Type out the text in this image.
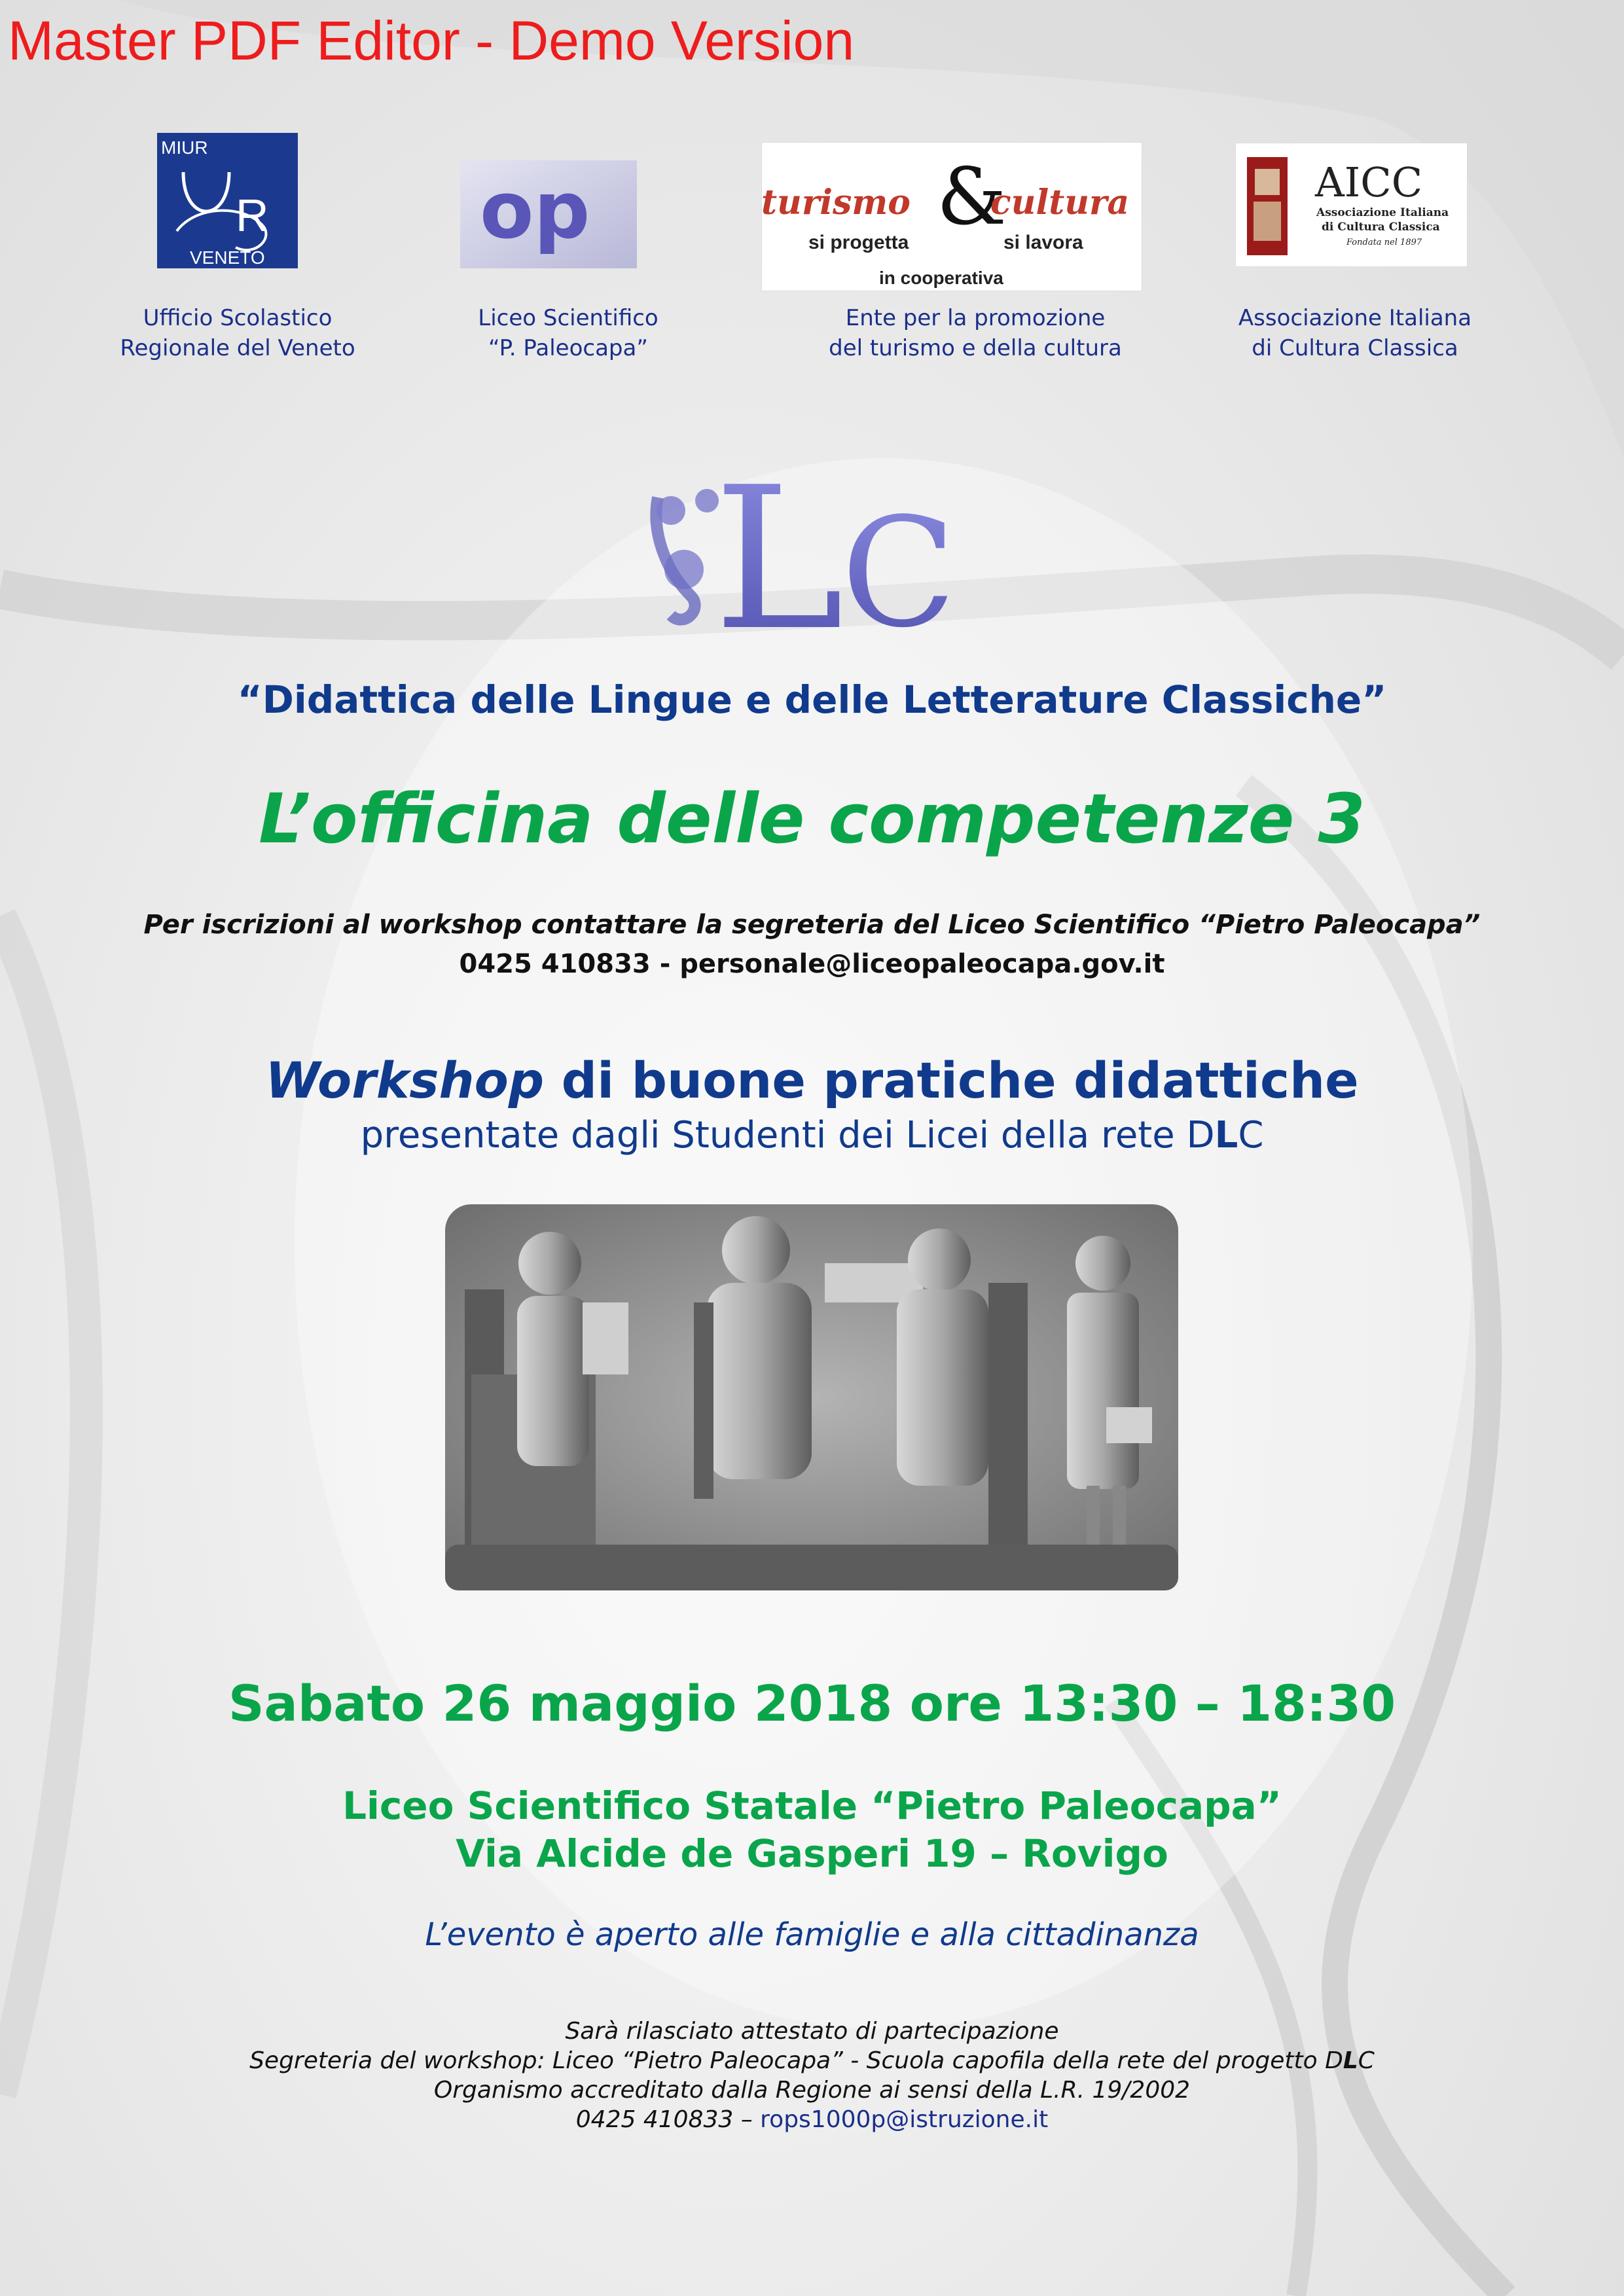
Master PDF Editor - Demo Version

MIUR
R
VENETO
op	turismo &
cultura
si progetta	si lavora
in cooperativa
AICC
Associazione Italiana
di Cultura Classica
Fondata nel 1897
Ufficio Scolastico
Regionale del Veneto
Liceo Scientifico
“P. Paleocapa”
Ente per la promozione
del turismo e della cultura
Associazione Italiana
di Cultura Classica
L
C

“Didattica delle Lingue e delle Letterature Classiche”

L’officina delle competenze 3

Per iscrizioni al workshop contattare la segreteria del Liceo Scientifico “Pietro Paleocapa”

0425 410833 - personale@liceopaleocapa.gov.it

Workshop di buone pratiche didattiche

presentate dagli Studenti dei Licei della rete DLC

Sabato 26 maggio 2018 ore 13:30 – 18:30

Liceo Scientifico Statale “Pietro Paleocapa”

Via Alcide de Gasperi 19 – Rovigo

L’evento è aperto alle famiglie e alla cittadinanza

Sarà rilasciato attestato di partecipazione

Segreteria del workshop: Liceo “Pietro Paleocapa” - Scuola capofila della rete del progetto DLC

Organismo accreditato dalla Regione ai sensi della L.R. 19/2002

0425 410833 – rops1000p@istruzione.it
